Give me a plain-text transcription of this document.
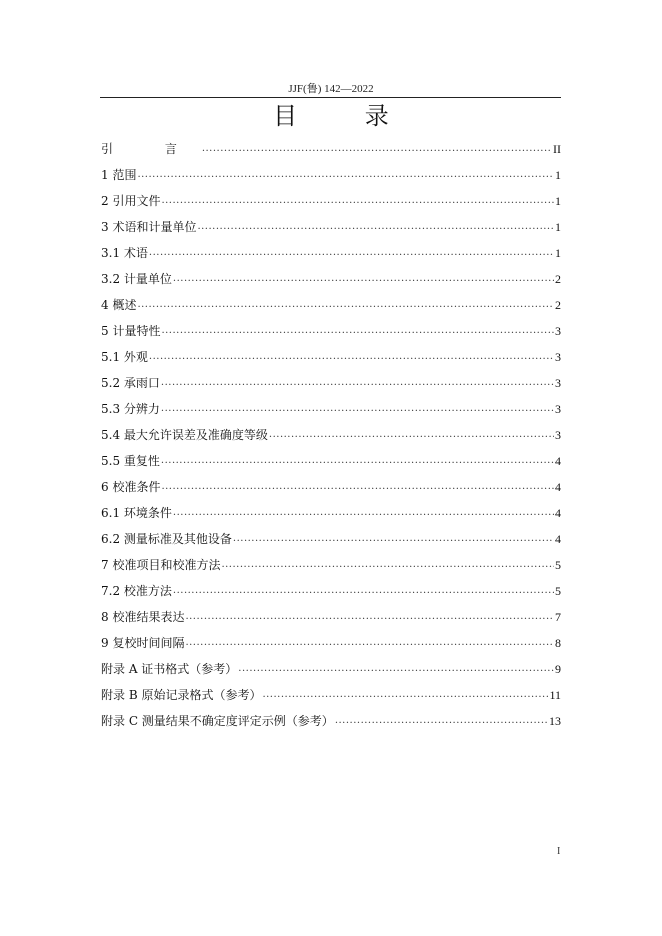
JJF(鲁) 142—2022
目 录
引 言 .....	II
1 范围 .....	1
2 引用文件 .....	1
3 术语和计量单位 .....	1
3.1 术语 .....	1
3.2 计量单位 .....	2
4 概述 .....	2
5 计量特性 .....	3
5.1 外观 .....	3
5.2 承雨口 .....	3
5.3 分辨力 .....	3
5.4 最大允许误差及准确度等级 .....	3
5.5 重复性 .....	4
6 校准条件 .....	4
6.1 环境条件 .....	4
6.2 测量标准及其他设备 .....	4
7 校准项目和校准方法 .....	5
7.2 校准方法 .....	5
8 校准结果表达 .....	7
9 复校时间间隔 .....	8
附录 A 证书格式（参考） .....	9
附录 B 原始记录格式（参考） .....	11
附录 C 测量结果不确定度评定示例（参考） .....	13
I
